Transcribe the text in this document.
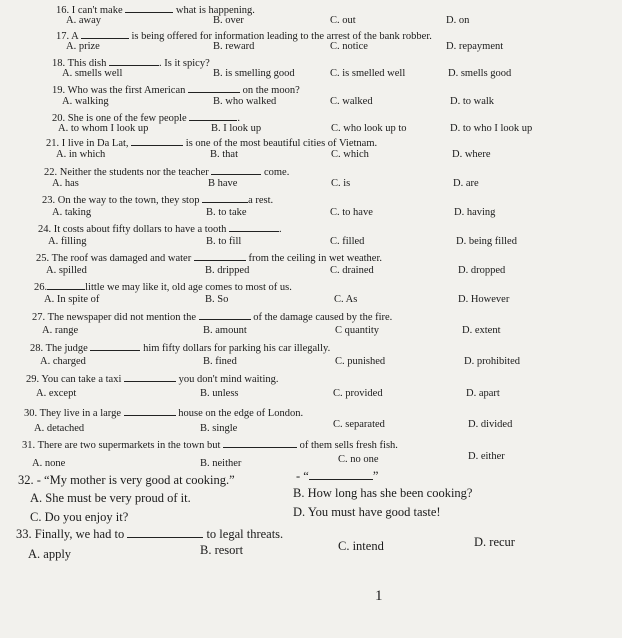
16. I can't make	what is happening.
A. away	B. over	C. out	D. on
17. A	is being offered for information leading to the arrest of the bank robber.
A. prize	B. reward	C. notice	D. repayment
18. This dish	. Is it spicy?
A. smells well	B. is smelling good	C. is smelled well	D. smells good
19. Who was the first American	on the moon?
A. walking	B. who walked	C. walked	D. to walk
20. She is one of the few people	.
A. to whom I look up	B. I look up	C. who look up to	D. to who I look up
21. I live in Da Lat,	is one of the most beautiful cities of Vietnam.
A. in which	B. that	C. which	D. where
22. Neither the students nor the teacher	come.
A. has	B have	C. is	D. are
23. On the way to the town, they stop	a rest.
A. taking	B. to take	C. to have	D. having
24. It costs about fifty dollars to have a tooth	.
A. filling	B. to fill	C. filled	D. being filled
25. The roof was damaged and water	from the ceiling in wet weather.
A. spilled	B. dripped	C. drained	D. dropped
26.	little we may like it, old age comes to most of us.
A. In spite of	B. So	C. As	D. However
27. The newspaper did not mention the	of the damage caused by the fire.
A. range	B. amount	C quantity	D. extent
28. The judge	him fifty dollars for parking his car illegally.
A. charged	B. fined	C. punished	D. prohibited
29. You can take a taxi	you don't mind waiting.
A. except	B. unless	C. provided	D. apart
30. They live in a large	house on the edge of London.
A. detached	B. single	C. separated	D. divided
31. There are two supermarkets in the town but	of them sells fresh fish.
A. none	B. neither	C. no one	D. either
32. - “My mother is very good at cooking.”	- “	”
A. She must be very proud of it.	B. How long has she been cooking?
C. Do you enjoy it?	D. You must have good taste!
33. Finally, we had to	to legal threats.
A. apply	B. resort	C. intend	D. recur
1
